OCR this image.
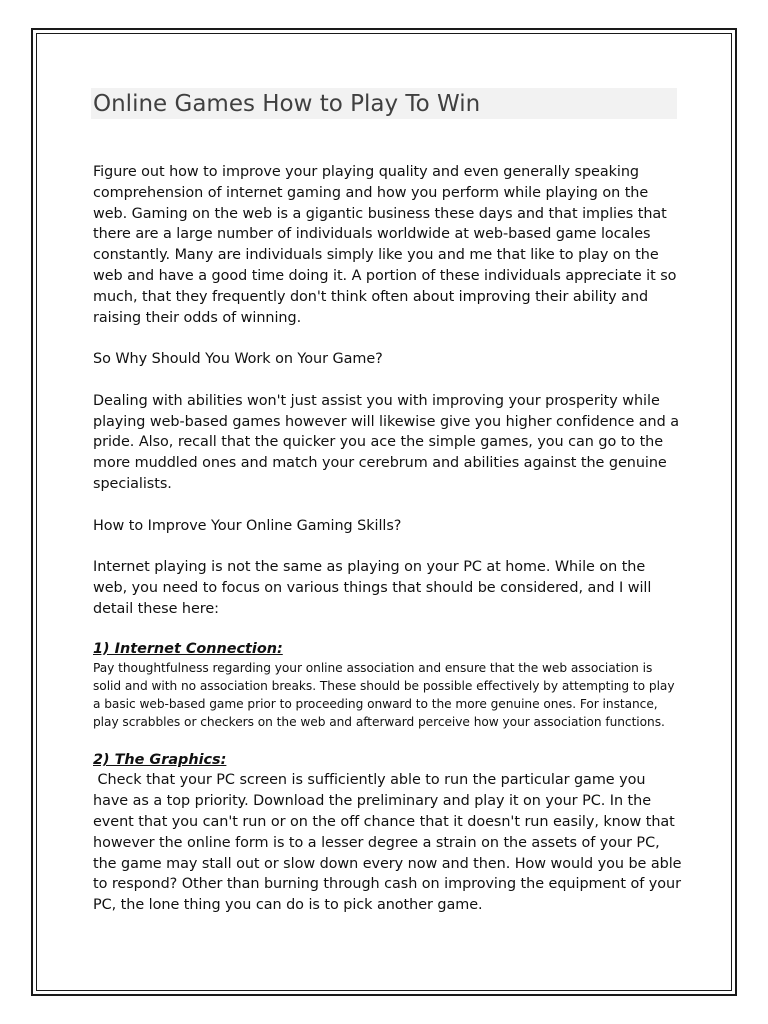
Online Games How to Play To Win

Figure out how to improve your playing quality and even generally speaking comprehension of internet gaming and how you perform while playing on the web. Gaming on the web is a gigantic business these days and that implies that there are a large number of individuals worldwide at web-based game locales constantly. Many are individuals simply like you and me that like to play on the web and have a good time doing it. A portion of these individuals appreciate it so much, that they frequently don't think often about improving their ability and raising their odds of winning.

So Why Should You Work on Your Game?

Dealing with abilities won't just assist you with improving your prosperity while playing web-based games however will likewise give you higher confidence and a pride. Also, recall that the quicker you ace the simple games, you can go to the more muddled ones and match your cerebrum and abilities against the genuine specialists.

How to Improve Your Online Gaming Skills?

Internet playing is not the same as playing on your PC at home. While on the web, you need to focus on various things that should be considered, and I will detail these here:

1) Internet Connection:

Pay thoughtfulness regarding your online association and ensure that the web association is solid and with no association breaks. These should be possible effectively by attempting to play a basic web-based game prior to proceeding onward to the more genuine ones. For instance, play scrabbles or checkers on the web and afterward perceive how your association functions.

2) The Graphics:

Check that your PC screen is sufficiently able to run the particular game you have as a top priority. Download the preliminary and play it on your PC. In the event that you can't run or on the off chance that it doesn't run easily, know that however the online form is to a lesser degree a strain on the assets of your PC, the game may stall out or slow down every now and then. How would you be able to respond? Other than burning through cash on improving the equipment of your PC, the lone thing you can do is to pick another game.
